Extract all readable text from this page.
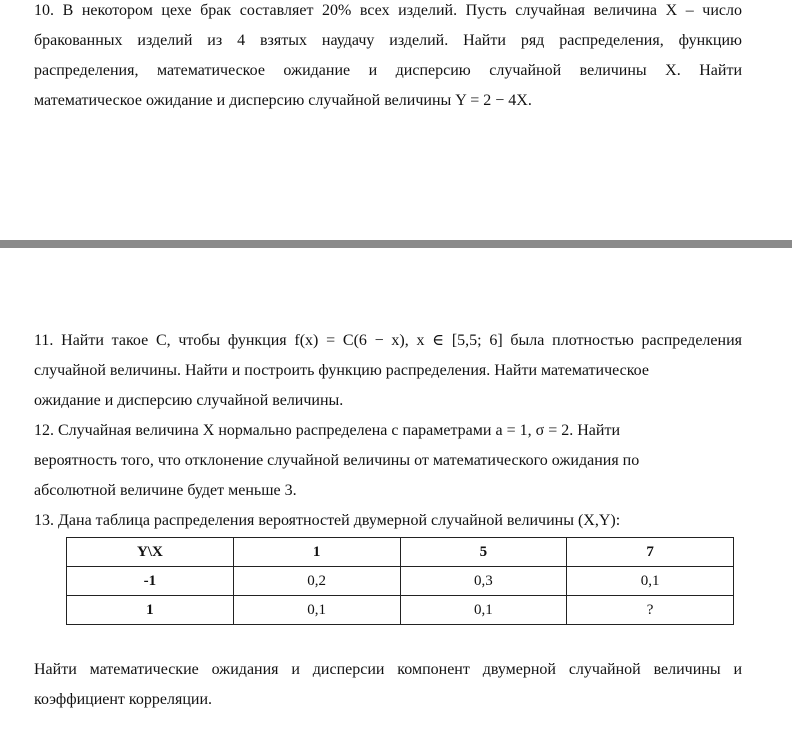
10. В некотором цехе брак составляет 20% всех изделий. Пусть случайная величина X – число
бракованных изделий из 4 взятых наудачу изделий. Найти ряд распределения, функцию
распределения, математическое ожидание и дисперсию случайной величины X. Найти
математическое ожидание и дисперсию случайной величины Y = 2 − 4X.
11. Найти такое C, чтобы функция f(x) = C(6 − x), x ∈ [5,5; 6] была плотностью распределения
случайной величины. Найти и построить функцию распределения. Найти математическое
ожидание и дисперсию случайной величины.
12. Случайная величина X нормально распределена с параметрами a = 1, σ = 2. Найти
вероятность того, что отклонение случайной величины от математического ожидания по
абсолютной величине будет меньше 3.
13. Дана таблица распределения вероятностей двумерной случайной величины (X,Y):
Y\X	1	5	7
-1	0,2	0,3	0,1
1	0,1	0,1	?
Найти математические ожидания и дисперсии компонент двумерной случайной величины и
коэффициент корреляции.
